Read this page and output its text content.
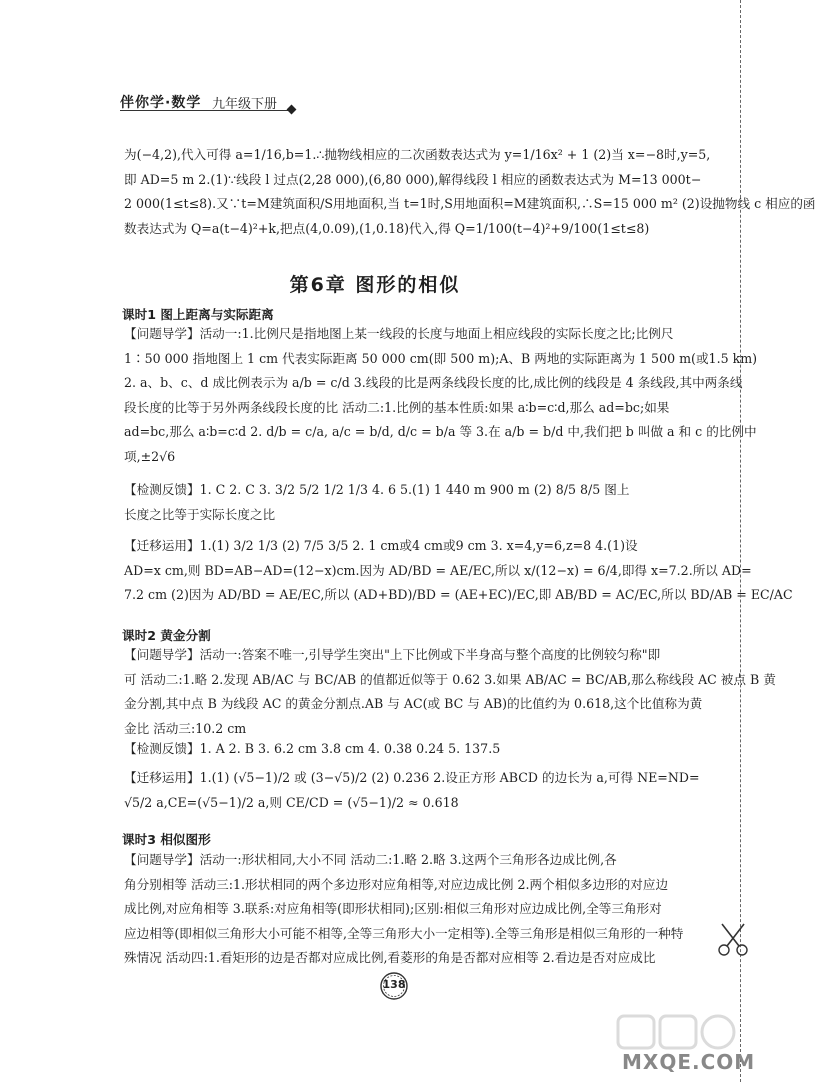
伴你学·数学 九年级下册
为(−4,2),代入可得 a=1/16,b=1.∴抛物线相应的二次函数表达式为 y=1/16x² + 1 (2)当 x=−8时,y=5,
即 AD=5 m 2.(1)∵线段 l 过点(2,28 000),(6,80 000),解得线段 l 相应的函数表达式为 M=13 000t−
2 000(1≤t≤8).又∵t=M建筑面积/S用地面积,当 t=1时,S用地面积=M建筑面积,∴S=15 000 m² (2)设抛物线 c 相应的函
数表达式为 Q=a(t−4)²+k,把点(4,0.09),(1,0.18)代入,得 Q=1/100(t−4)²+9/100(1≤t≤8)
第6章 图形的相似
课时1 图上距离与实际距离
【问题导学】活动一:1.比例尺是指地图上某一线段的长度与地面上相应线段的实际长度之比;比例尺
1∶50 000 指地图上 1 cm 代表实际距离 50 000 cm(即 500 m);A、B 两地的实际距离为 1 500 m(或1.5 km)
2. a、b、c、d 成比例表示为 a/b = c/d 3.线段的比是两条线段长度的比,成比例的线段是 4 条线段,其中两条线
段长度的比等于另外两条线段长度的比 活动二:1.比例的基本性质:如果 a∶b=c∶d,那么 ad=bc;如果
ad=bc,那么 a∶b=c∶d 2. d/b = c/a, a/c = b/d, d/c = b/a 等 3.在 a/b = b/d 中,我们把 b 叫做 a 和 c 的比例中
项,±2√6
【检测反馈】1. C 2. C 3. 3/2 5/2 1/2 1/3 4. 6 5.(1) 1 440 m 900 m (2) 8/5 8/5 图上
长度之比等于实际长度之比
【迁移运用】1.(1) 3/2 1/3 (2) 7/5 3/5 2. 1 cm或4 cm或9 cm 3. x=4,y=6,z=8 4.(1)设
AD=x cm,则 BD=AB−AD=(12−x)cm.因为 AD/BD = AE/EC,所以 x/(12−x) = 6/4,即得 x=7.2.所以 AD=
7.2 cm (2)因为 AD/BD = AE/EC,所以 (AD+BD)/BD = (AE+EC)/EC,即 AB/BD = AC/EC,所以 BD/AB = EC/AC
课时2 黄金分割
【问题导学】活动一:答案不唯一,引导学生突出"上下比例或下半身高与整个高度的比例较匀称"即
可 活动二:1.略 2.发现 AB/AC 与 BC/AB 的值都近似等于 0.62 3.如果 AB/AC = BC/AB,那么称线段 AC 被点 B 黄
金分割,其中点 B 为线段 AC 的黄金分割点.AB 与 AC(或 BC 与 AB)的比值约为 0.618,这个比值称为黄
金比 活动三:10.2 cm
【检测反馈】1. A 2. B 3. 6.2 cm 3.8 cm 4. 0.38 0.24 5. 137.5
【迁移运用】1.(1) (√5−1)/2 或 (3−√5)/2 (2) 0.236 2.设正方形 ABCD 的边长为 a,可得 NE=ND=
√5/2 a,CE=(√5−1)/2 a,则 CE/CD = (√5−1)/2 ≈ 0.618
课时3 相似图形
【问题导学】活动一:形状相同,大小不同 活动二:1.略 2.略 3.这两个三角形各边成比例,各
角分别相等 活动三:1.形状相同的两个多边形对应角相等,对应边成比例 2.两个相似多边形的对应边
成比例,对应角相等 3.联系:对应角相等(即形状相同);区别:相似三角形对应边成比例,全等三角形对
应边相等(即相似三角形大小可能不相等,全等三角形大小一定相等).全等三角形是相似三角形的一种特
殊情况 活动四:1.看矩形的边是否都对应成比例,看菱形的角是否都对应相等 2.看边是否对应成比
138
MXQE.COM
